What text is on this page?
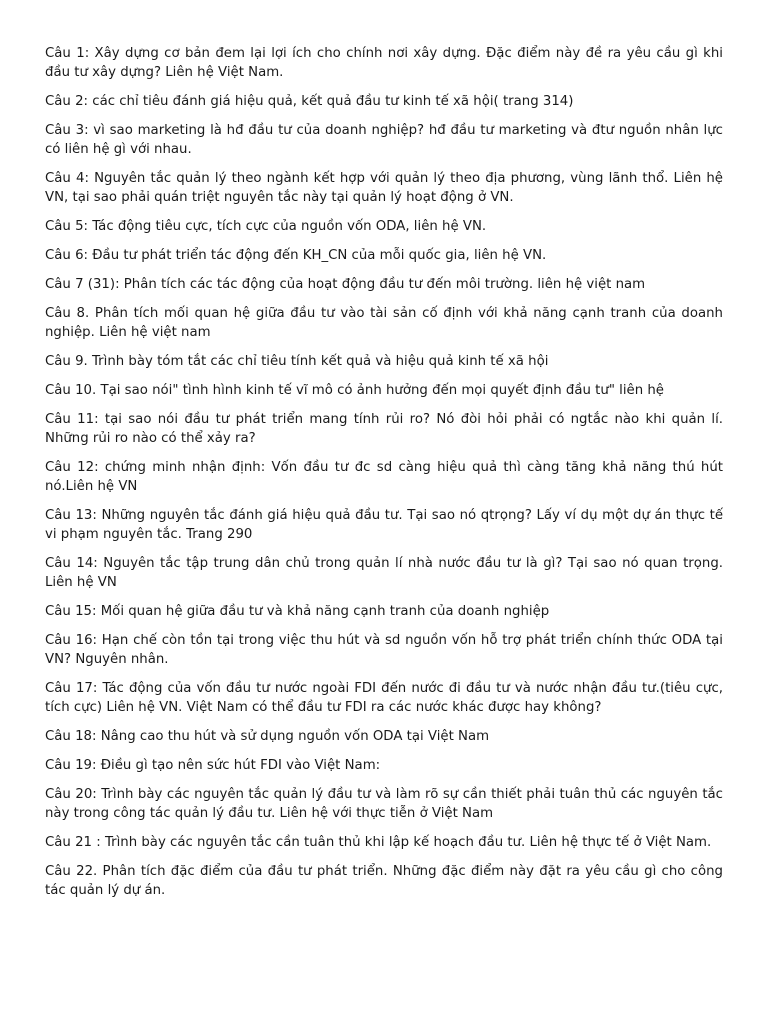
Câu 1: Xây dựng cơ bản đem lại lợi ích cho chính nơi xây dựng. Đặc điểm này đề ra yêu cầu gì khi đầu tư xây dựng? Liên hệ Việt Nam.

Câu 2: các chỉ tiêu đánh giá hiệu quả, kết quả đầu tư kinh tế xã hội( trang 314)

Câu 3: vì sao marketing là hđ đầu tư của doanh nghiệp? hđ đầu tư marketing và đtư nguồn nhân lực có liên hệ gì với nhau.

Câu 4: Nguyên tắc quản lý theo ngành kết hợp với quản lý theo địa phương, vùng lãnh thổ. Liên hệ VN, tại sao phải quán triệt nguyên tắc này tại quản lý hoạt động ở VN.

Câu 5: Tác động tiêu cực, tích cực của nguồn vốn ODA, liên hệ VN.

Câu 6: Đầu tư phát triển tác động đến KH_CN của mỗi quốc gia, liên hệ VN.

Câu 7 (31): Phân tích các tác động của hoạt động đầu tư đến môi trường. liên hệ việt nam

Câu 8. Phân tích mối quan hệ giữa đầu tư vào tài sản cố định với khả năng cạnh tranh của doanh nghiệp. Liên hệ việt nam

Câu 9. Trình bày tóm tắt các chỉ tiêu tính kết quả và hiệu quả kinh tế xã hội

Câu 10. Tại sao nói" tình hình kinh tế vĩ mô có ảnh hưởng đến mọi quyết định đầu tư" liên hệ

Câu 11: tại sao nói đầu tư phát triển mang tính rủi ro? Nó đòi hỏi phải có ngtắc nào khi quản lí. Những rủi ro nào có thể xảy ra?

Câu 12: chứng minh nhận định: Vốn đầu tư đc sd càng hiệu quả thì càng tăng khả năng thú hút nó.Liên hệ VN

Câu 13: Những nguyên tắc đánh giá hiệu quả đầu tư. Tại sao nó qtrọng? Lấy ví dụ một dự án thực tế vi phạm nguyên tắc. Trang 290

Câu 14: Nguyên tắc tập trung dân chủ trong quản lí nhà nước đầu tư là gì? Tại sao nó quan trọng. Liên hệ VN

Câu 15: Mối quan hệ giữa đầu tư và khả năng cạnh tranh của doanh nghiệp

Câu 16: Hạn chế còn tồn tại trong việc thu hút và sd nguồn vốn hỗ trợ phát triển chính thức ODA tại VN? Nguyên nhân.

Câu 17: Tác động của vốn đầu tư nước ngoài FDI đến nước đi đầu tư và nước nhận đầu tư.(tiêu cực, tích cực) Liên hệ VN. Việt Nam có thể đầu tư FDI ra các nước khác được hay không?

Câu 18: Nâng cao thu hút và sử dụng nguồn vốn ODA tại Việt Nam

Câu 19: Điều gì tạo nên sức hút FDI vào Việt Nam:

Câu 20: Trình bày các nguyên tắc quản lý đầu tư và làm rõ sự cần thiết phải tuân thủ các nguyên tắc này trong công tác quản lý đầu tư. Liên hệ với thực tiễn ở Việt Nam

Câu 21 : Trình bày các nguyên tắc cần tuân thủ khi lập kế hoạch đầu tư. Liên hệ thực tế ở Việt Nam.

Câu 22. Phân tích đặc điểm của đầu tư phát triển. Những đặc điểm này đặt ra yêu cầu gì cho công tác quản lý dự án.
